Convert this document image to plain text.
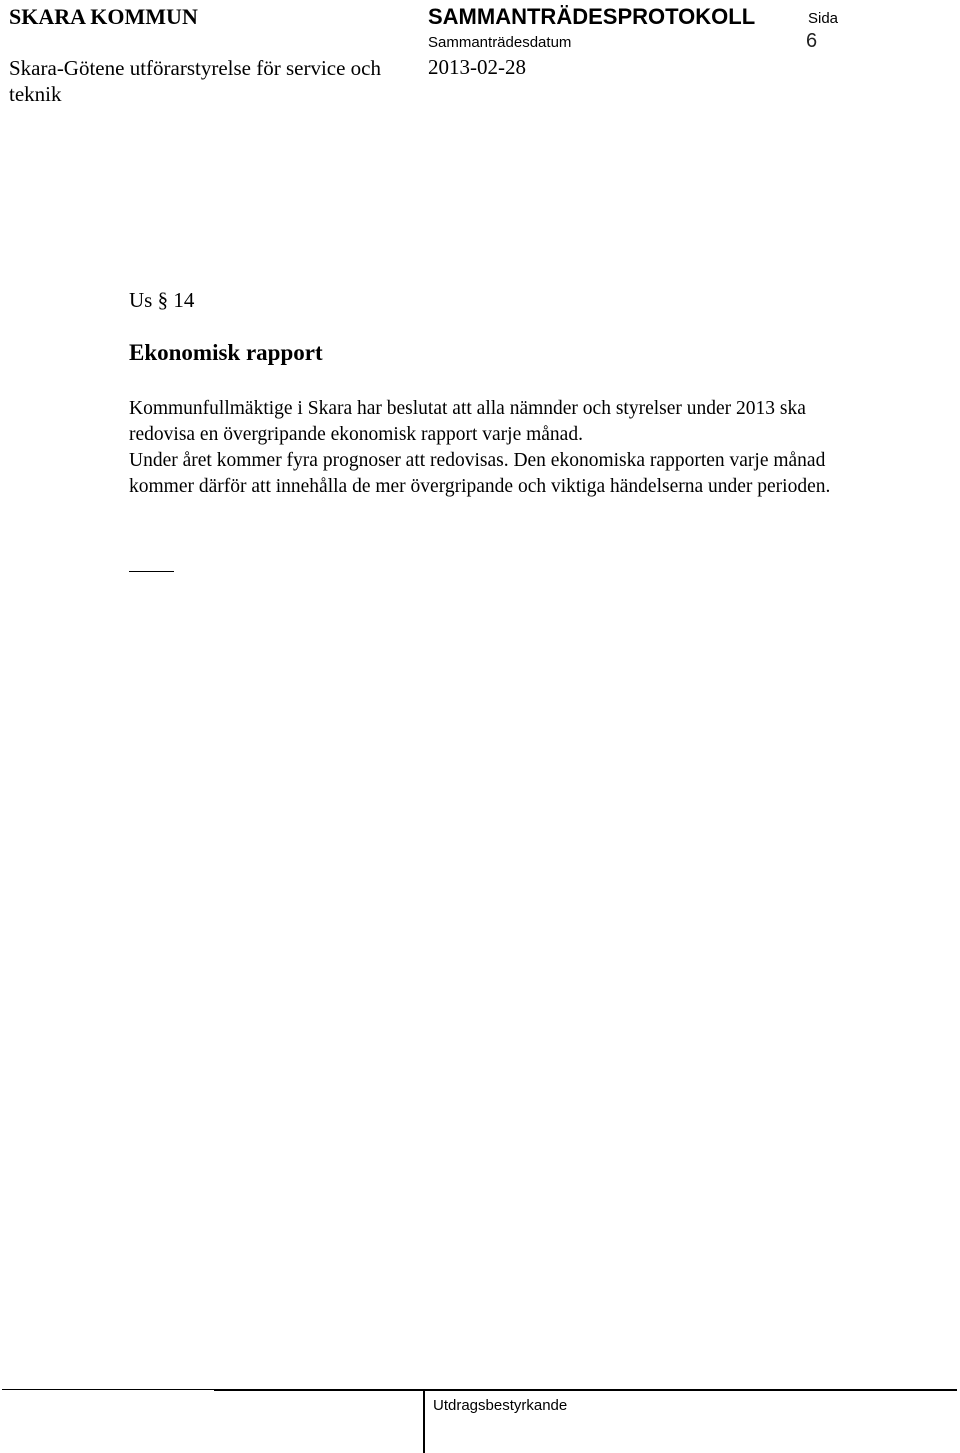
SKARA KOMMUN	SAMMANTRÄDESPROTOKOLL	Sida
Sammanträdesdatum	6
Skara-Götene utförarstyrelse för service och teknik
2013-02-28
Us § 14
Ekonomisk rapport

Kommunfullmäktige i Skara har beslutat att alla nämnder och styrelser under 2013 ska redovisa en övergripande ekonomisk rapport varje månad.

Under året kommer fyra prognoser att redovisas. Den ekonomiska rapporten varje månad kommer därför att innehålla de mer övergripande och viktiga händelserna under perioden.

Utdragsbestyrkande
